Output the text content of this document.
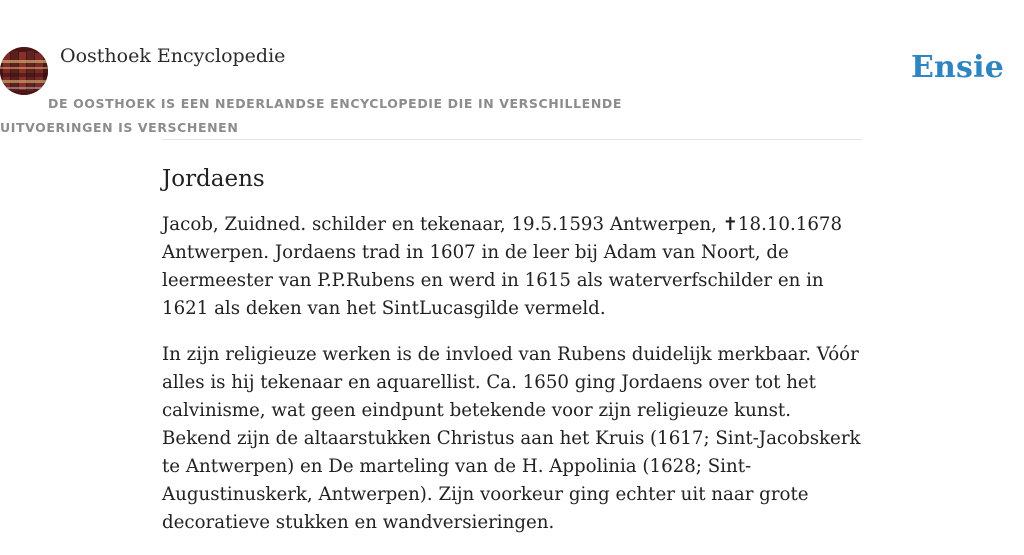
Oosthoek Encyclopedie	Ensie
DE OOSTHOEK IS EEN NEDERLANDSE ENCYCLOPEDIE DIE IN VERSCHILLENDE UITVOERINGEN IS VERSCHENEN
Jordaens

Jacob, Zuidned. schilder en tekenaar, 19.5.1593 Antwerpen, ✝18.10.1678 Antwerpen. Jordaens trad in 1607 in de leer bij Adam van Noort, de leermeester van P.P.Rubens en werd in 1615 als waterverfschilder en in 1621 als deken van het SintLucasgilde vermeld.

In zijn religieuze werken is de invloed van Rubens duidelijk merkbaar. Vóór alles is hij tekenaar en aquarellist. Ca. 1650 ging Jordaens over tot het calvinisme, wat geen eindpunt betekende voor zijn religieuze kunst. Bekend zijn de altaarstukken Christus aan het Kruis (1617; Sint-Jacobskerk te Antwerpen) en De marteling van de H. Appolinia (1628; Sint-Augustinuskerk, Antwerpen). Zijn voorkeur ging echter uit naar grote decoratieve stukken en wandversieringen.
